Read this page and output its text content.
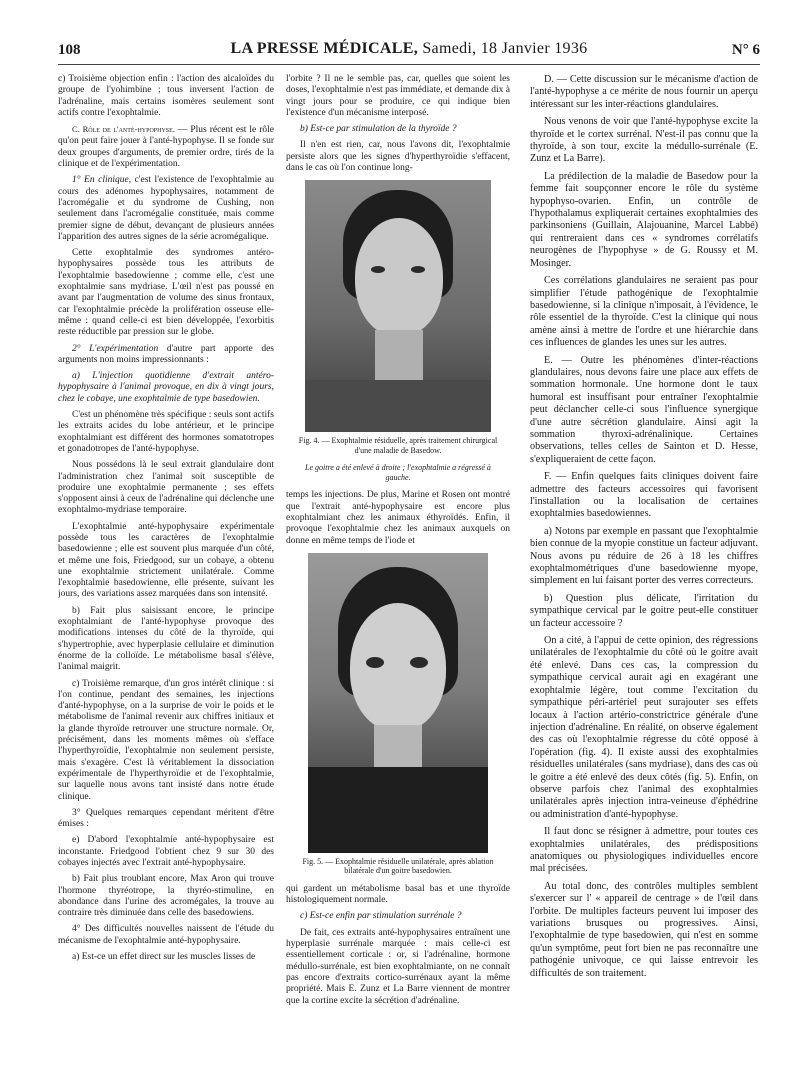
108	LA PRESSE MÉDICALE, Samedi, 18 Janvier 1936	N° 6

c) Troisième objection enfin : l'action des alcaloïdes du groupe de l'yohimbine ; tous inversent l'action de l'adrénaline, mais certains isomères seulement sont actifs contre l'exophtalmie.

C. Rôle de l'anté-hypophyse. — Plus récent est le rôle qu'on peut faire jouer à l'anté-hypophyse. Il se fonde sur deux groupes d'arguments, de premier ordre, tirés de la clinique et de l'expérimentation.

1° En clinique, c'est l'existence de l'exophtalmie au cours des adénomes hypophysaires, notamment de l'acromégalie et du syndrome de Cushing, non seulement dans l'acromégalie constituée, mais comme premier signe de début, devançant de plusieurs années l'apparition des autres signes de la série acromégalique.

Cette exophtalmie des syndromes antéro-hypophysaires possède tous les attributs de l'exophtalmie basedowienne ; comme elle, c'est une exophtalmie sans mydriase. L'œil n'est pas poussé en avant par l'augmentation de volume des sinus frontaux, car l'exophtalmie précède la prolifération osseuse elle-même : quand celle-ci est bien développée, l'exorbitis reste réductible par pression sur le globe.

2° L'expérimentation d'autre part apporte des arguments non moins impressionnants :

a) L'injection quotidienne d'extrait antéro-hypophysaire à l'animal provoque, en dix à vingt jours, chez le cobaye, une exophtalmie de type basedowien.

C'est un phénomène très spécifique : seuls sont actifs les extraits acides du lobe antérieur, et le principe exophtalmiant est différent des hormones somatotropes et gonadotropes de l'anté-hypophyse.

Nous possédons là le seul extrait glandulaire dont l'administration chez l'animal soit susceptible de produire une exophtalmie permanente ; ses effets s'opposent ainsi à ceux de l'adrénaline qui déclenche une exophtalmo-mydriase temporaire.

L'exophtalmie anté-hypophysaire expérimentale possède tous les caractères de l'exophtalmie basedowienne ; elle est souvent plus marquée d'un côté, et même une fois, Friedgood, sur un cobaye, a obtenu une exophtalmie strictement unilatérale. Comme l'exophtalmie basedowienne, elle présente, suivant les jours, des variations assez marquées dans son intensité.

b) Fait plus saisissant encore, le principe exophtalmiant de l'anté-hypophyse provoque des modifications intenses du côté de la thyroïde, qui s'hypertrophie, avec hyperplasie cellulaire et diminution énorme de la colloïde. Le métabolisme basal s'élève, l'animal maigrit.

c) Troisième remarque, d'un gros intérêt clinique : si l'on continue, pendant des semaines, les injections d'anté-hypophyse, on a la surprise de voir le poids et le métabolisme de l'animal revenir aux chiffres initiaux et la glande thyroïde retrouver une structure normale. Or, précisément, dans les moments mêmes où s'efface l'hyperthyroïdie, l'exophtalmie non seulement persiste, mais s'exagère. C'est là véritablement la dissociation expérimentale de l'hyperthyroïdie et de l'exophtalmie, sur laquelle nous avons tant insisté dans notre étude clinique.

3° Quelques remarques cependant méritent d'être émises :

e) D'abord l'exophtalmie anté-hypophysaire est inconstante. Friedgood l'obtient chez 9 sur 30 des cobayes injectés avec l'extrait anté-hypophysaire.

b) Fait plus troublant encore, Max Aron qui trouve l'hormone thyréotrope, la thyréo-stimuline, en abondance dans l'urine des acromégales, la trouve au contraire très diminuée dans celle des basedowiens.

4° Des difficultés nouvelles naissent de l'étude du mécanisme de l'exophtalmie anté-hypophysaire.

a) Est-ce un effet direct sur les muscles lisses de

l'orbite ? Il ne le semble pas, car, quelles que soient les doses, l'exophtalmie n'est pas immédiate, et demande dix à vingt jours pour se produire, ce qui indique bien l'existence d'un mécanisme interposé.

b) Est-ce par stimulation de la thyroïde ?

Il n'en est rien, car, nous l'avons dit, l'exophtalmie persiste alors que les signes d'hyperthyroïdie s'effacent, dans le cas où l'on continue long-

Fig. 4. — Exophtalmie résiduelle, après traitement chirurgical d'une maladie de Basedow.
Le goitre a été enlevé à droite ; l'exophtalmie a régressé à gauche.

temps les injections. De plus, Marine et Rosen ont montré que l'extrait anté-hypophysaire est encore plus exophtalmiant chez les animaux éthyroïdés. Enfin, il provoque l'exophtalmie chez les animaux auxquels on donne en même temps de l'iode et

Fig. 5. — Exophtalmie résiduelle unilatérale, après ablation bilatérale d'un goitre basedowien.

qui gardent un métabolisme basal bas et une thyroïde histologiquement normale.

c) Est-ce enfin par stimulation surrénale ?

De fait, ces extraits anté-hypophysaires entraînent une hyperplasie surrénale marquée : mais celle-ci est essentiellement corticale : or, si l'adrénaline, hormone médullo-surrénale, est bien exophtalmiante, on ne connaît pas encore d'extraits cortico-surrénaux ayant la même propriété. Mais E. Zunz et La Barre viennent de montrer que la cortine excite la sécrétion d'adrénaline.

D. — Cette discussion sur le mécanisme d'action de l'anté-hypophyse a ce mérite de nous fournir un aperçu intéressant sur les inter-réactions glandulaires.

Nous venons de voir que l'anté-hypophyse excite la thyroïde et le cortex surrénal. N'est-il pas connu que la thyroïde, à son tour, excite la médullo-surrénale (E. Zunz et La Barre).

La prédilection de la maladie de Basedow pour la femme fait soupçonner encore le rôle du système hypophyso-ovarien. Enfin, un contrôle de l'hypothalamus expliquerait certaines exophtalmies des parkinsoniens (Guillain, Alajouanine, Marcel Labbé) qui rentreraient dans ces « syndromes corrélatifs neurogènes de l'hypophyse » de G. Roussy et M. Mosinger.

Ces corrélations glandulaires ne seraient pas pour simplifier l'étude pathogénique de l'exophtalmie basedowienne, si la clinique n'imposait, à l'évidence, le rôle essentiel de la thyroïde. C'est la clinique qui nous amène ainsi à mettre de l'ordre et une hiérarchie dans ces influences de glandes les unes sur les autres.

E. — Outre les phénomènes d'inter-réactions glandulaires, nous devons faire une place aux effets de sommation hormonale. Une hormone dont le taux humoral est insuffisant pour entraîner l'exophtalmie peut déclancher celle-ci sous l'influence synergique d'une autre sécrétion glandulaire. Ainsi agit la sommation thyroxi-adrénalinique. Certaines observations, telles celles de Sainton et D. Hesse, s'expliqueraient de cette façon.

F. — Enfin quelques faits cliniques doivent faire admettre des facteurs accessoires qui favorisent l'installation ou la localisation de certaines exophtalmies basedowiennes.

a) Notons par exemple en passant que l'exophtalmie bien connue de la myopie constitue un facteur adjuvant. Nous avons pu réduire de 26 à 18 les chiffres exophtalmométriques d'une basedowienne myope, simplement en lui faisant porter des verres correcteurs.

b) Question plus délicate, l'irritation du sympathique cervical par le goitre peut-elle constituer un facteur accessoire ?

On a cité, à l'appui de cette opinion, des régressions unilatérales de l'exophtalmie du côté où le goitre avait été enlevé. Dans ces cas, la compression du sympathique cervical aurait agi en exagérant une exophtalmie légère, tout comme l'excitation du sympathique péri-artériel peut surajouter ses effets locaux à l'action artério-constrictrice générale d'une injection d'adrénaline. En réalité, on observe également des cas où l'exophtalmie régresse du côté opposé à l'opération (fig. 4). Il existe aussi des exophtalmies résiduelles unilatérales (sans mydriase), dans des cas où le goitre a été enlevé des deux côtés (fig. 5). Enfin, on observe parfois chez l'animal des exophtalmies unilatérales après injection intra-veineuse d'éphédrine ou administration d'anté-hypophyse.

Il faut donc se résigner à admettre, pour toutes ces exophtalmies unilatérales, des prédispositions anatomiques ou physiologiques individuelles encore mal précisées.

Au total donc, des contrôles multiples semblent s'exercer sur l' « appareil de centrage » de l'œil dans l'orbite. De multiples facteurs peuvent lui imposer des variations brusques ou progressives. Ainsi, l'exophtalmie de type basedowien, qui n'est en somme qu'un symptôme, peut fort bien ne pas reconnaître une pathogénie univoque, ce qui laisse entrevoir les difficultés de son traitement.
